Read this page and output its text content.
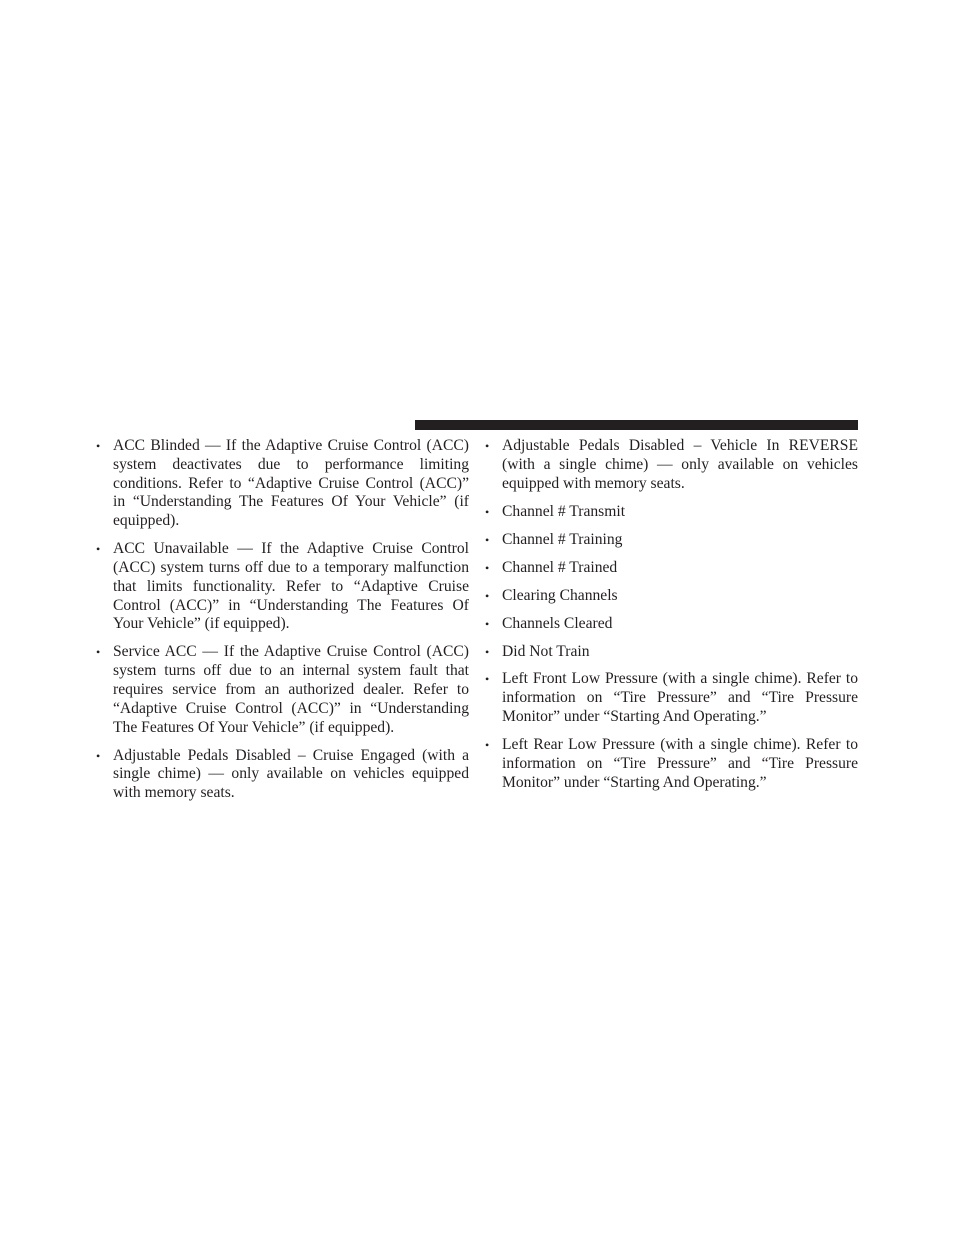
• ACC Blinded — If the Adaptive Cruise Control (ACC) system deactivates due to performance limiting conditions. Refer to “Adaptive Cruise Control (ACC)” in “Understanding The Features Of Your Vehicle” (if equipped).
• ACC Unavailable — If the Adaptive Cruise Control (ACC) system turns off due to a temporary malfunction that limits functionality. Refer to “Adaptive Cruise Control (ACC)” in “Understanding The Features Of Your Vehicle” (if equipped).
• Service ACC — If the Adaptive Cruise Control (ACC) system turns off due to an internal system fault that requires service from an authorized dealer. Refer to “Adaptive Cruise Control (ACC)” in “Understanding The Features Of Your Vehicle” (if equipped).
• Adjustable Pedals Disabled – Cruise Engaged (with a single chime) — only available on vehicles equipped with memory seats.
• Adjustable Pedals Disabled – Vehicle In REVERSE (with a single chime) — only available on vehicles equipped with memory seats.
• Channel # Transmit
• Channel # Training
• Channel # Trained
• Clearing Channels
• Channels Cleared
• Did Not Train
• Left Front Low Pressure (with a single chime). Refer to information on “Tire Pressure” and “Tire Pressure Monitor” under “Starting And Operating.”
• Left Rear Low Pressure (with a single chime). Refer to information on “Tire Pressure” and “Tire Pressure Monitor” under “Starting And Operating.”
